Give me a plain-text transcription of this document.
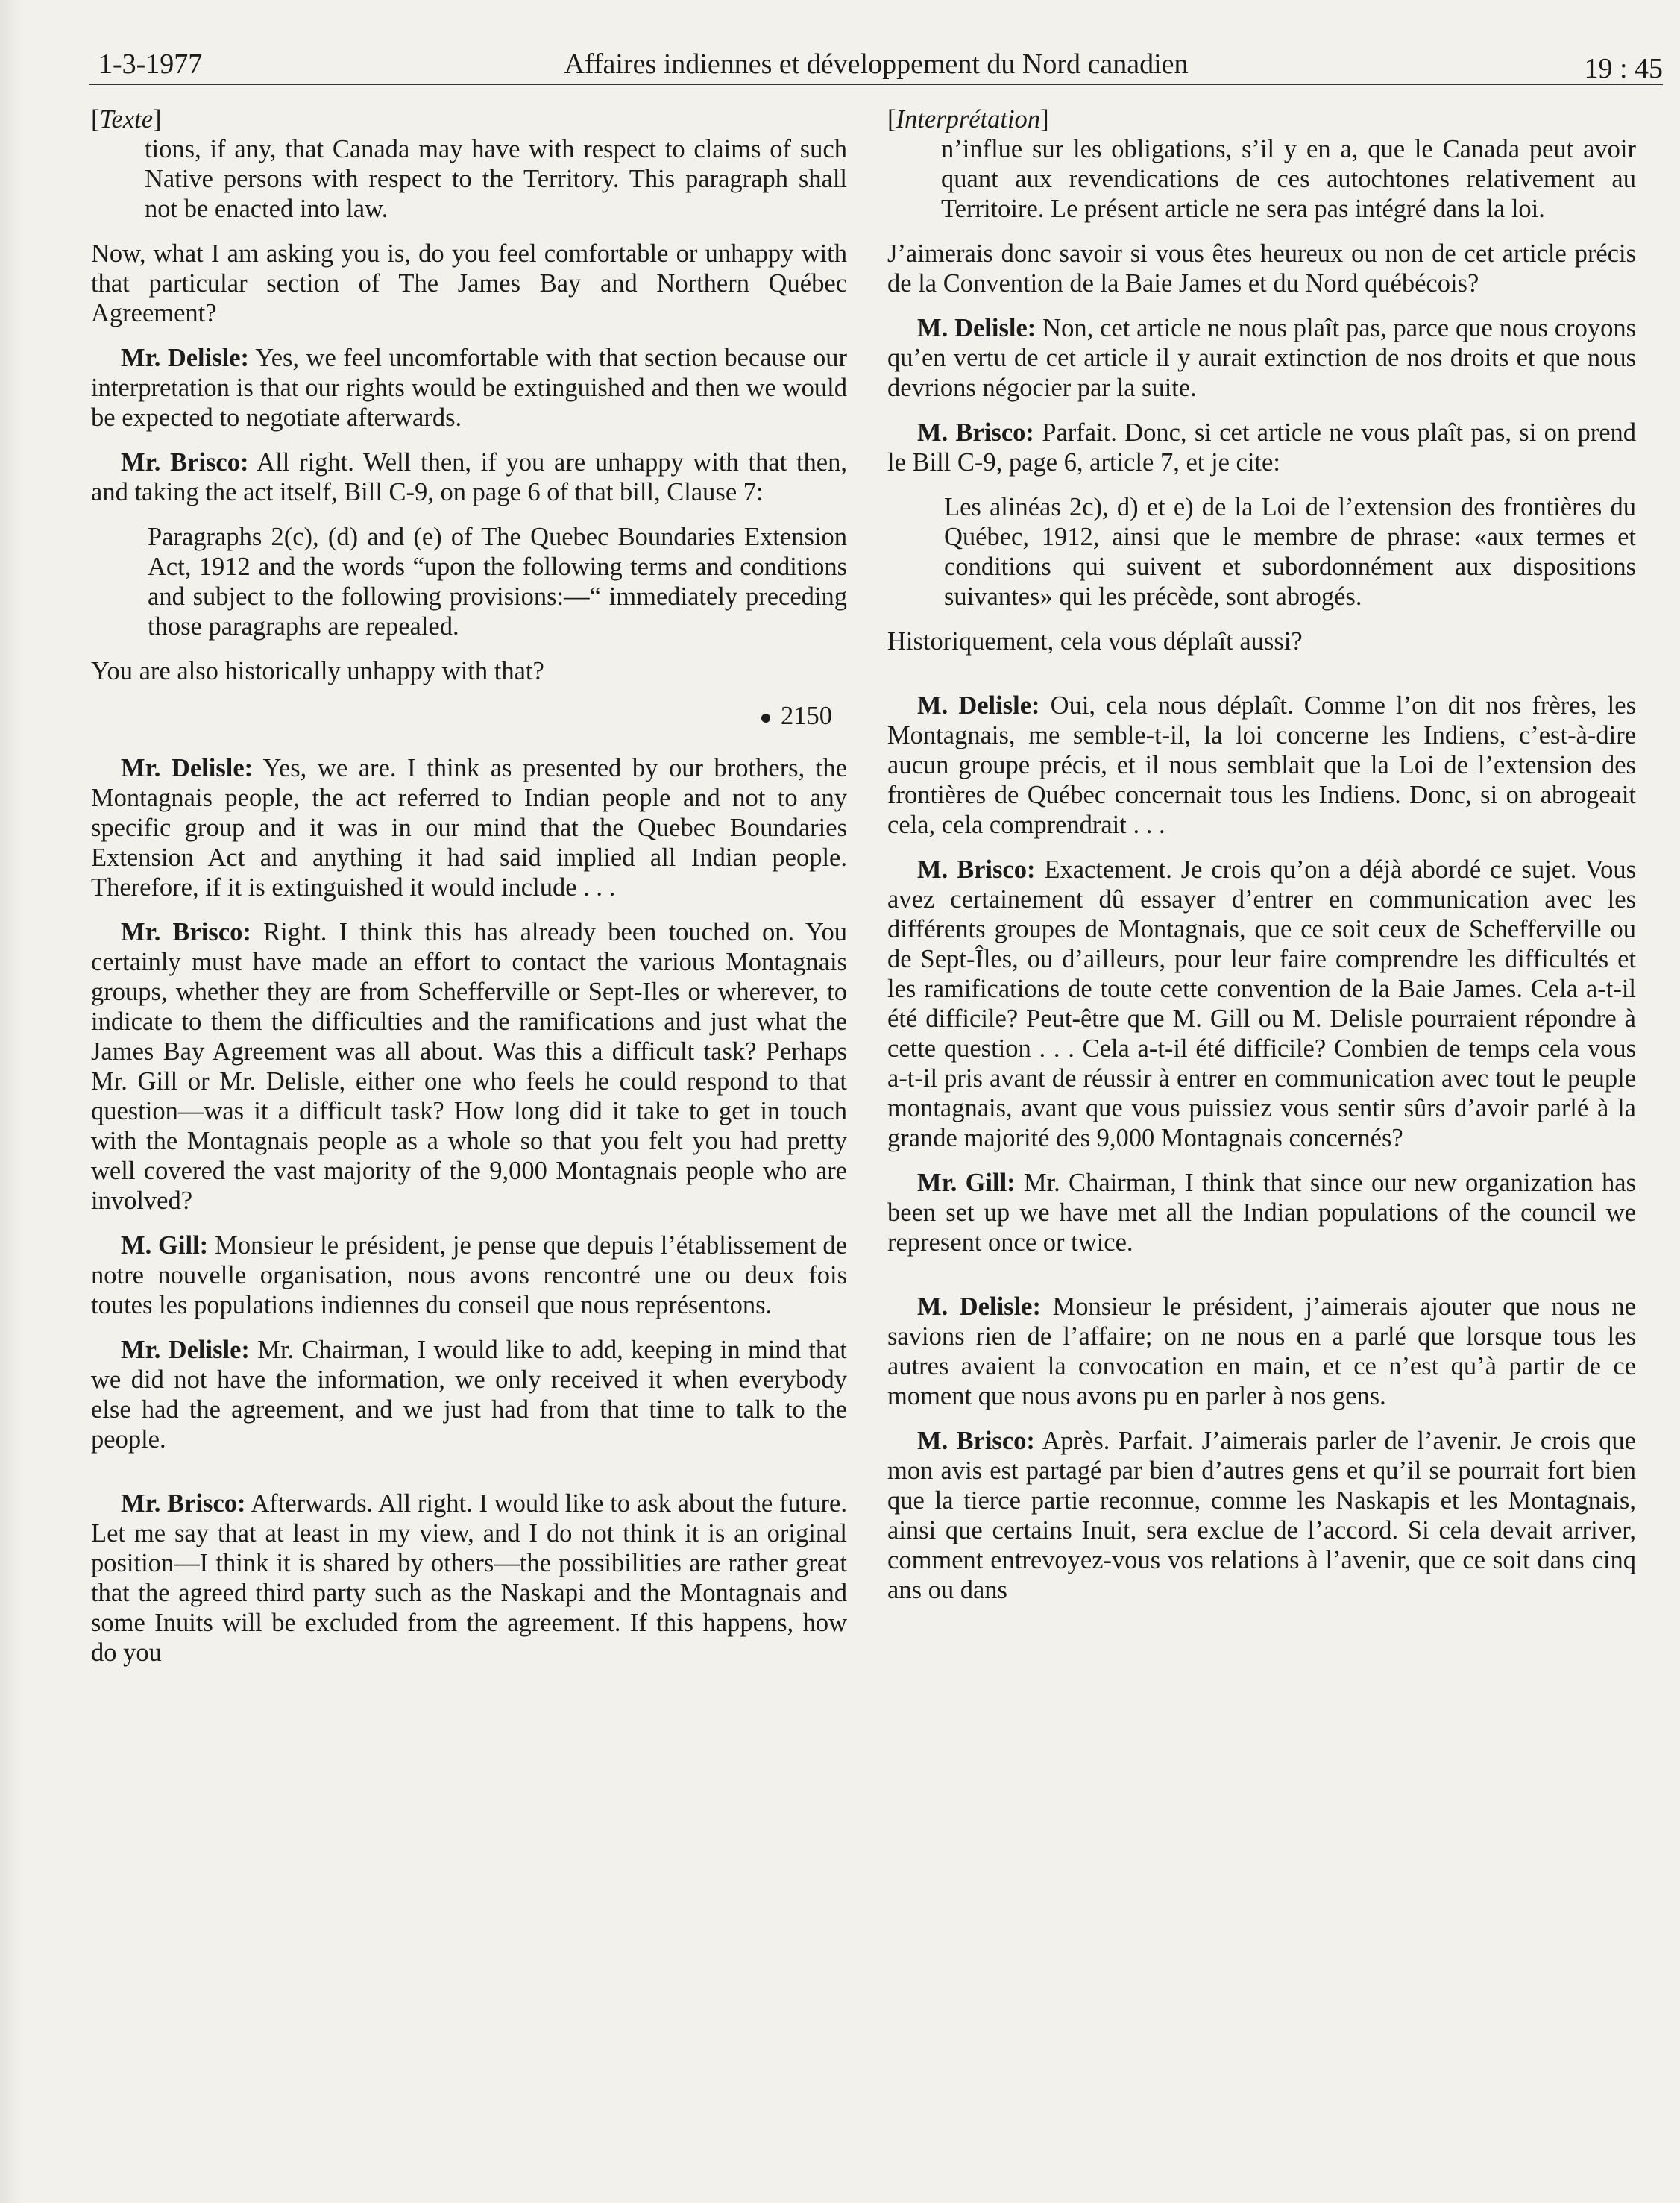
1-3-1977	Affaires indiennes et développement du Nord canadien	19 : 45
[Texte]

tions, if any, that Canada may have with respect to claims of such Native persons with respect to the Territory. This paragraph shall not be enacted into law.

Now, what I am asking you is, do you feel comfortable or unhappy with that particular section of The James Bay and Northern Québec Agreement?

Mr. Delisle: Yes, we feel uncomfortable with that section because our interpretation is that our rights would be extinguished and then we would be expected to negotiate afterwards.

Mr. Brisco: All right. Well then, if you are unhappy with that then, and taking the act itself, Bill C-9, on page 6 of that bill, Clause 7:

Paragraphs 2(c), (d) and (e) of The Quebec Boundaries Extension Act, 1912 and the words “upon the following terms and conditions and subject to the following provisions:—“ immediately preceding those paragraphs are repealed.

You are also historically unhappy with that?

2150

Mr. Delisle: Yes, we are. I think as presented by our brothers, the Montagnais people, the act referred to Indian people and not to any specific group and it was in our mind that the Quebec Boundaries Extension Act and anything it had said implied all Indian people. Therefore, if it is extinguished it would include . . .

Mr. Brisco: Right. I think this has already been touched on. You certainly must have made an effort to contact the various Montagnais groups, whether they are from Schefferville or Sept-Iles or wherever, to indicate to them the difficulties and the ramifications and just what the James Bay Agreement was all about. Was this a difficult task? Perhaps Mr. Gill or Mr. Delisle, either one who feels he could respond to that question—was it a difficult task? How long did it take to get in touch with the Montagnais people as a whole so that you felt you had pretty well covered the vast majority of the 9,000 Montagnais people who are involved?

M. Gill: Monsieur le président, je pense que depuis l’établissement de notre nouvelle organisation, nous avons rencontré une ou deux fois toutes les populations indiennes du conseil que nous représentons.

Mr. Delisle: Mr. Chairman, I would like to add, keeping in mind that we did not have the information, we only received it when everybody else had the agreement, and we just had from that time to talk to the people.

Mr. Brisco: Afterwards. All right. I would like to ask about the future. Let me say that at least in my view, and I do not think it is an original position—I think it is shared by others—the possibilities are rather great that the agreed third party such as the Naskapi and the Montagnais and some Inuits will be excluded from the agreement. If this happens, how do you

[Interprétation]

n’influe sur les obligations, s’il y en a, que le Canada peut avoir quant aux revendications de ces autochtones relativement au Territoire. Le présent article ne sera pas intégré dans la loi.

J’aimerais donc savoir si vous êtes heureux ou non de cet article précis de la Convention de la Baie James et du Nord québécois?

M. Delisle: Non, cet article ne nous plaît pas, parce que nous croyons qu’en vertu de cet article il y aurait extinction de nos droits et que nous devrions négocier par la suite.

M. Brisco: Parfait. Donc, si cet article ne vous plaît pas, si on prend le Bill C-9, page 6, article 7, et je cite:

Les alinéas 2c), d) et e) de la Loi de l’extension des frontières du Québec, 1912, ainsi que le membre de phrase: «aux termes et conditions qui suivent et subordonnément aux dispositions suivantes» qui les précède, sont abrogés.

Historiquement, cela vous déplaît aussi?

M. Delisle: Oui, cela nous déplaît. Comme l’on dit nos frères, les Montagnais, me semble-t-il, la loi concerne les Indiens, c’est-à-dire aucun groupe précis, et il nous semblait que la Loi de l’extension des frontières de Québec concernait tous les Indiens. Donc, si on abrogeait cela, cela comprendrait . . .

M. Brisco: Exactement. Je crois qu’on a déjà abordé ce sujet. Vous avez certainement dû essayer d’entrer en communication avec les différents groupes de Montagnais, que ce soit ceux de Schefferville ou de Sept-Îles, ou d’ailleurs, pour leur faire comprendre les difficultés et les ramifications de toute cette convention de la Baie James. Cela a-t-il été difficile? Peut-être que M. Gill ou M. Delisle pourraient répondre à cette question . . . Cela a-t-il été difficile? Combien de temps cela vous a-t-il pris avant de réussir à entrer en communication avec tout le peuple montagnais, avant que vous puissiez vous sentir sûrs d’avoir parlé à la grande majorité des 9,000 Montagnais concernés?

Mr. Gill: Mr. Chairman, I think that since our new organization has been set up we have met all the Indian populations of the council we represent once or twice.

M. Delisle: Monsieur le président, j’aimerais ajouter que nous ne savions rien de l’affaire; on ne nous en a parlé que lorsque tous les autres avaient la convocation en main, et ce n’est qu’à partir de ce moment que nous avons pu en parler à nos gens.

M. Brisco: Après. Parfait. J’aimerais parler de l’avenir. Je crois que mon avis est partagé par bien d’autres gens et qu’il se pourrait fort bien que la tierce partie reconnue, comme les Naskapis et les Montagnais, ainsi que certains Inuit, sera exclue de l’accord. Si cela devait arriver, comment entrevoyez-vous vos relations à l’avenir, que ce soit dans cinq ans ou dans
